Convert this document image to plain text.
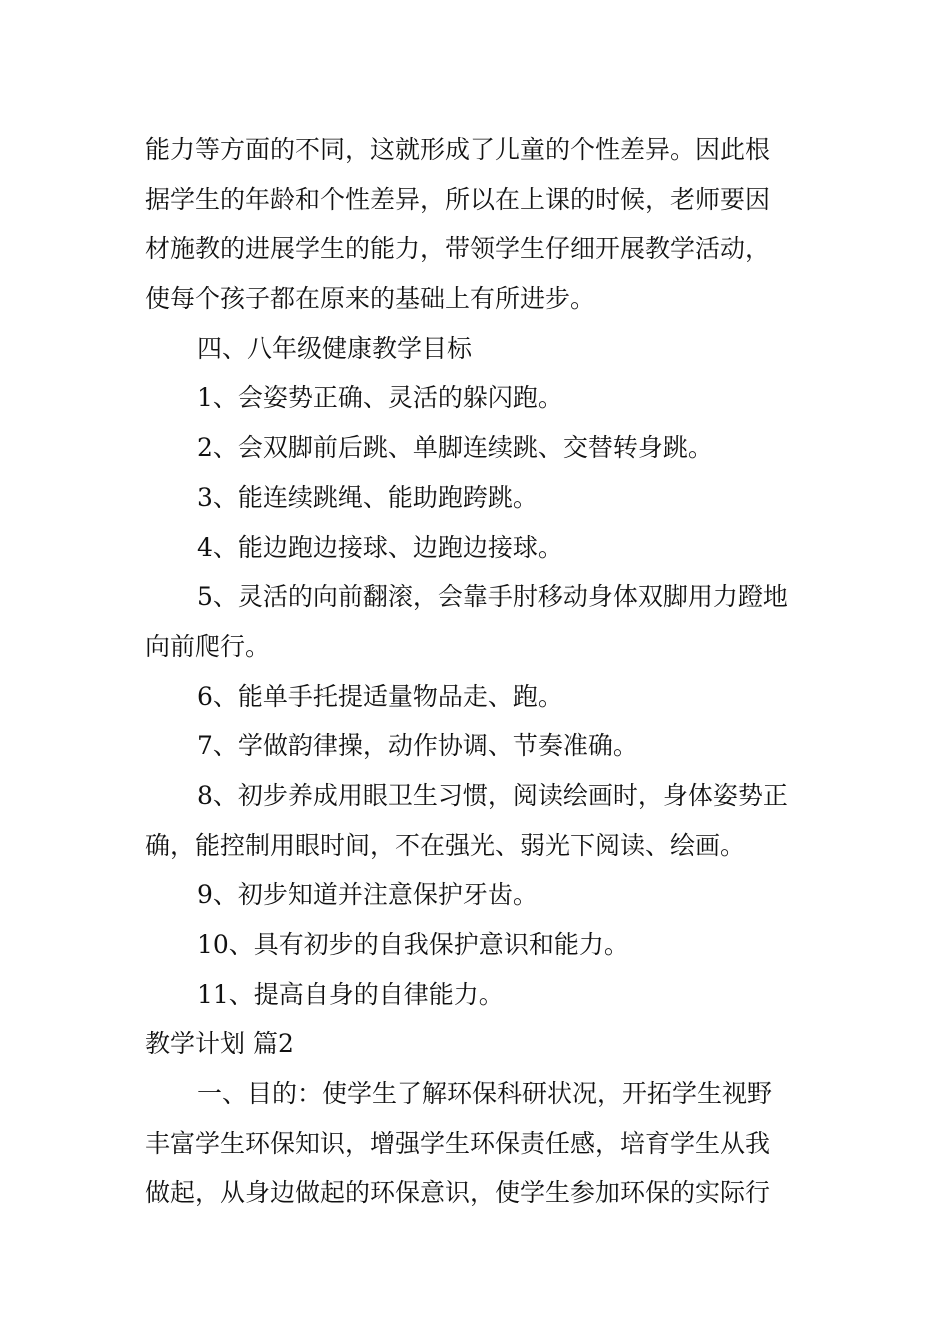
能力等方面的不同，这就形成了儿童的个性差异。因此根
据学生的年龄和个性差异，所以在上课的时候，老师要因
材施教的进展学生的能力，带领学生仔细开展教学活动，
使每个孩子都在原来的基础上有所进步。
四、八年级健康教学目标
1、会姿势正确、灵活的躲闪跑。
2、会双脚前后跳、单脚连续跳、交替转身跳。
3、能连续跳绳、能助跑跨跳。
4、能边跑边接球、边跑边接球。
5、灵活的向前翻滚，会靠手肘移动身体双脚用力蹬地
向前爬行。
6、能单手托提适量物品走、跑。
7、学做韵律操，动作协调、节奏准确。
8、初步养成用眼卫生习惯，阅读绘画时，身体姿势正
确，能控制用眼时间，不在强光、弱光下阅读、绘画。
9、初步知道并注意保护牙齿。
10、具有初步的自我保护意识和能力。
11、提高自身的自律能力。
教学计划 篇2
一、目的：使学生了解环保科研状况，开拓学生视野
丰富学生环保知识，增强学生环保责任感，培育学生从我
做起，从身边做起的环保意识，使学生参加环保的实际行
